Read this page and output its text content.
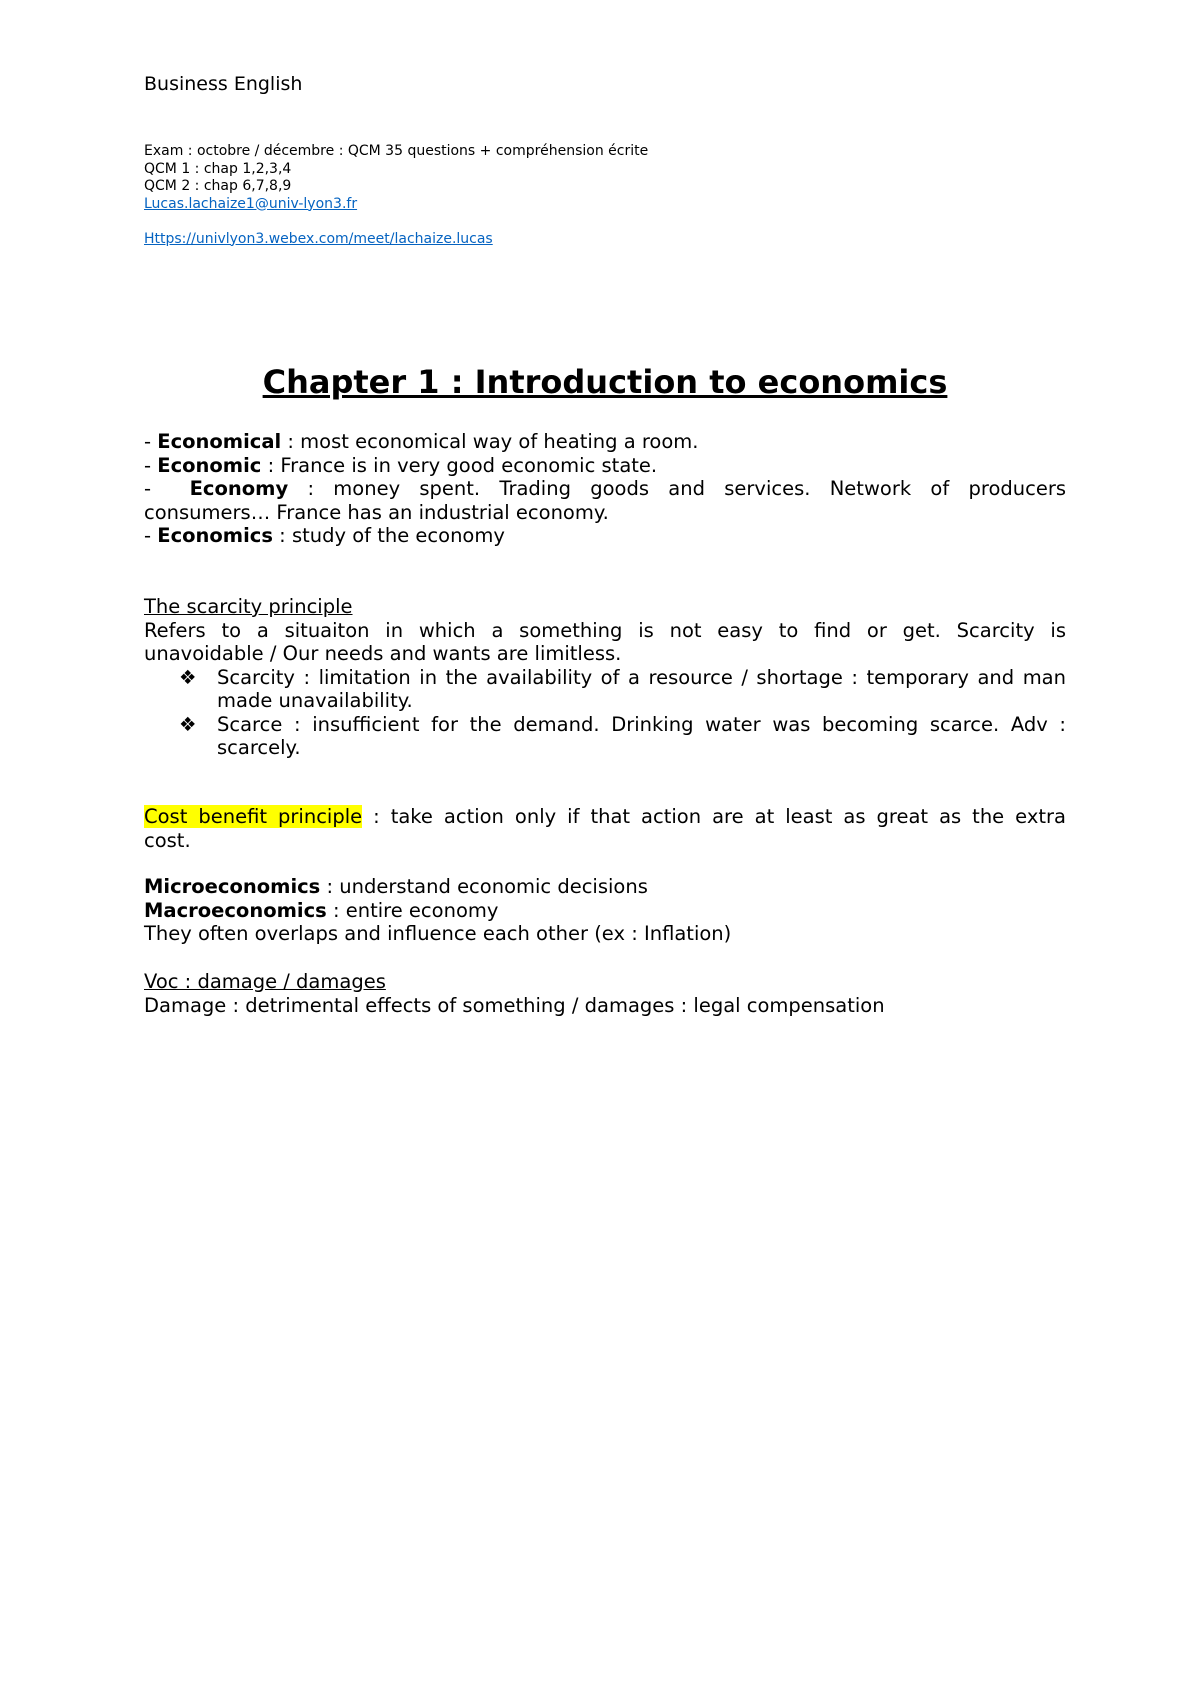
Business English
Exam : octobre / décembre : QCM 35 questions + compréhension écrite
QCM 1 : chap 1,2,3,4
QCM 2 : chap 6,7,8,9
Lucas.lachaize1@univ-lyon3.fr
Https://univlyon3.webex.com/meet/lachaize.lucas
Chapter 1 : Introduction to economics
- Economical : most economical way of heating a room.
- Economic : France is in very good economic state.
-  Economy : money spent. Trading goods and services. Network of producers
consumers… France has an industrial economy.
- Economics : study of the economy
The scarcity principle
Refers to a situaiton in which a something is not easy to find or get. Scarcity is
unavoidable / Our needs and wants are limitless.
❖ Scarcity : limitation in the availability of a resource / shortage : temporary and man made unavailability.
❖ Scarce : insufficient for the demand. Drinking water was becoming scarce. Adv : scarcely.
Cost benefit principle : take action only if that action are at least as great as the extra
cost.
Microeconomics : understand economic decisions
Macroeconomics : entire economy
They often overlaps and influence each other (ex : Inflation)
Voc : damage / damages
Damage : detrimental effects of something / damages : legal compensation
